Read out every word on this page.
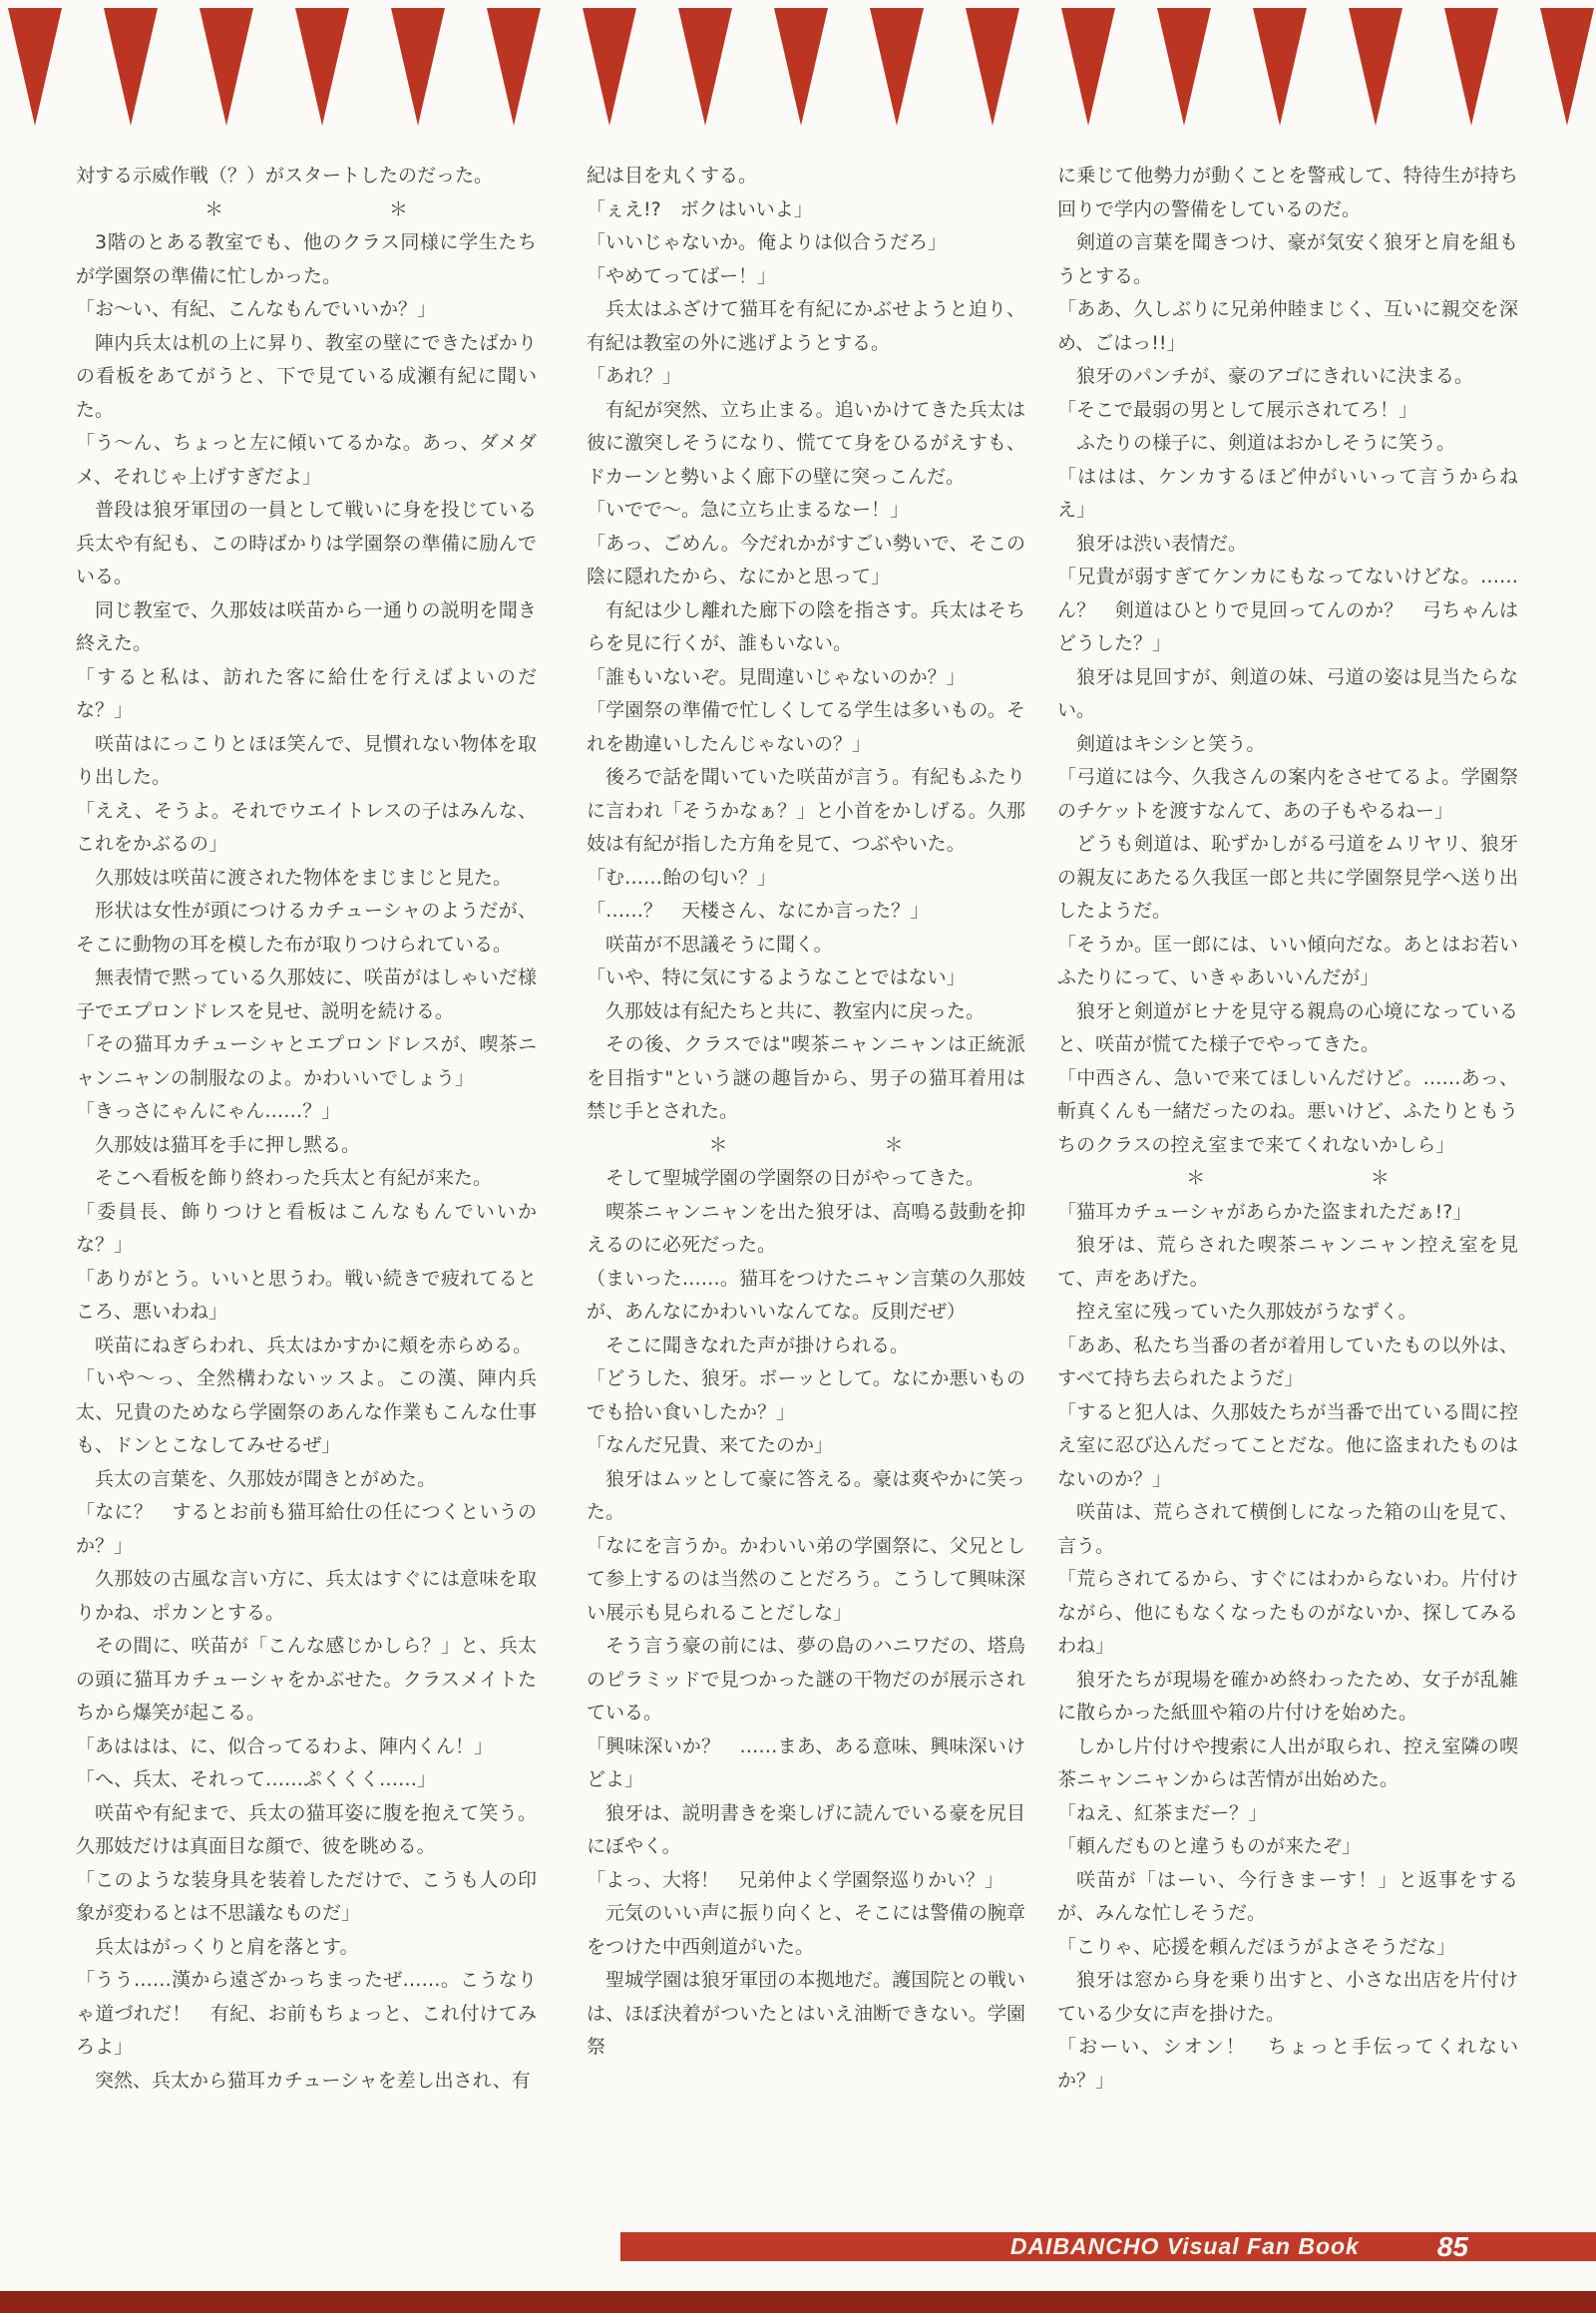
対する示威作戦（？）がスタートしたのだった。

＊	＊

3階のとある教室でも、他のクラス同様に学生たちが学園祭の準備に忙しかった。

「お〜い、有紀、こんなもんでいいか？」

陣内兵太は机の上に昇り、教室の壁にできたばかりの看板をあてがうと、下で見ている成瀬有紀に聞いた。

「う〜ん、ちょっと左に傾いてるかな。あっ、ダメダメ、それじゃ上げすぎだよ」

普段は狼牙軍団の一員として戦いに身を投じている兵太や有紀も、この時ばかりは学園祭の準備に励んでいる。

同じ教室で、久那妓は咲苗から一通りの説明を聞き終えた。

「すると私は、訪れた客に給仕を行えばよいのだな？」

咲苗はにっこりとほほ笑んで、見慣れない物体を取り出した。

「ええ、そうよ。それでウエイトレスの子はみんな、これをかぶるの」

久那妓は咲苗に渡された物体をまじまじと見た。

形状は女性が頭につけるカチューシャのようだが、そこに動物の耳を模した布が取りつけられている。

無表情で黙っている久那妓に、咲苗がはしゃいだ様子でエプロンドレスを見せ、説明を続ける。

「その猫耳カチューシャとエプロンドレスが、喫茶ニャンニャンの制服なのよ。かわいいでしょう」

「きっさにゃんにゃん……？」

久那妓は猫耳を手に押し黙る。

そこへ看板を飾り終わった兵太と有紀が来た。

「委員長、飾りつけと看板はこんなもんでいいかな？」

「ありがとう。いいと思うわ。戦い続きで疲れてるところ、悪いわね」

咲苗にねぎらわれ、兵太はかすかに頬を赤らめる。

「いや〜っ、全然構わないッスよ。この漢、陣内兵太、兄貴のためなら学園祭のあんな作業もこんな仕事も、ドンとこなしてみせるぜ」

兵太の言葉を、久那妓が聞きとがめた。

「なに？　するとお前も猫耳給仕の任につくというのか？」

久那妓の古風な言い方に、兵太はすぐには意味を取りかね、ポカンとする。

その間に、咲苗が「こんな感じかしら？」と、兵太の頭に猫耳カチューシャをかぶせた。クラスメイトたちから爆笑が起こる。

「あははは、に、似合ってるわよ、陣内くん！」

「へ、兵太、それって……ぷくくく……」

咲苗や有紀まで、兵太の猫耳姿に腹を抱えて笑う。久那妓だけは真面目な顔で、彼を眺める。

「このような装身具を装着しただけで、こうも人の印象が変わるとは不思議なものだ」

兵太はがっくりと肩を落とす。

「うう……漢から遠ざかっちまったぜ……。こうなりゃ道づれだ！　有紀、お前もちょっと、これ付けてみろよ」

突然、兵太から猫耳カチューシャを差し出され、有

紀は目を丸くする。

「ぇえ!?　ボクはいいよ」

「いいじゃないか。俺よりは似合うだろ」

「やめてってばー！」

兵太はふざけて猫耳を有紀にかぶせようと迫り、有紀は教室の外に逃げようとする。

「あれ？」

有紀が突然、立ち止まる。追いかけてきた兵太は彼に激突しそうになり、慌てて身をひるがえすも、ドカーンと勢いよく廊下の壁に突っこんだ。

「いでで〜。急に立ち止まるなー！」

「あっ、ごめん。今だれかがすごい勢いで、そこの陰に隠れたから、なにかと思って」

有紀は少し離れた廊下の陰を指さす。兵太はそちらを見に行くが、誰もいない。

「誰もいないぞ。見間違いじゃないのか？」

「学園祭の準備で忙しくしてる学生は多いもの。それを勘違いしたんじゃないの？」

後ろで話を聞いていた咲苗が言う。有紀もふたりに言われ「そうかなぁ？」と小首をかしげる。久那妓は有紀が指した方角を見て、つぶやいた。

「む……飴の匂い？」

「……？　天楼さん、なにか言った？」

咲苗が不思議そうに聞く。

「いや、特に気にするようなことではない」

久那妓は有紀たちと共に、教室内に戻った。

その後、クラスでは"喫茶ニャンニャンは正統派を目指す"という謎の趣旨から、男子の猫耳着用は禁じ手とされた。

＊	＊

そして聖城学園の学園祭の日がやってきた。

喫茶ニャンニャンを出た狼牙は、高鳴る鼓動を抑えるのに必死だった。

（まいった……。猫耳をつけたニャン言葉の久那妓が、あんなにかわいいなんてな。反則だぜ）

そこに聞きなれた声が掛けられる。

「どうした、狼牙。ボーッとして。なにか悪いものでも拾い食いしたか？」

「なんだ兄貴、来てたのか」

狼牙はムッとして豪に答える。豪は爽やかに笑った。

「なにを言うか。かわいい弟の学園祭に、父兄として参上するのは当然のことだろう。こうして興味深い展示も見られることだしな」

そう言う豪の前には、夢の島のハニワだの、塔鳥のピラミッドで見つかった謎の干物だのが展示されている。

「興味深いか？　……まあ、ある意味、興味深いけどよ」

狼牙は、説明書きを楽しげに読んでいる豪を尻目にぼやく。

「よっ、大将！　兄弟仲よく学園祭巡りかい？」

元気のいい声に振り向くと、そこには警備の腕章をつけた中西剣道がいた。

聖城学園は狼牙軍団の本拠地だ。護国院との戦いは、ほぼ決着がついたとはいえ油断できない。学園祭

に乗じて他勢力が動くことを警戒して、特待生が持ち回りで学内の警備をしているのだ。

剣道の言葉を聞きつけ、豪が気安く狼牙と肩を組もうとする。

「ああ、久しぶりに兄弟仲睦まじく、互いに親交を深め、ごはっ!!」

狼牙のパンチが、豪のアゴにきれいに決まる。

「そこで最弱の男として展示されてろ！」

ふたりの様子に、剣道はおかしそうに笑う。

「ははは、ケンカするほど仲がいいって言うからねえ」

狼牙は渋い表情だ。

「兄貴が弱すぎてケンカにもなってないけどな。……ん？　剣道はひとりで見回ってんのか？　弓ちゃんはどうした？」

狼牙は見回すが、剣道の妹、弓道の姿は見当たらない。

剣道はキシシと笑う。

「弓道には今、久我さんの案内をさせてるよ。学園祭のチケットを渡すなんて、あの子もやるねー」

どうも剣道は、恥ずかしがる弓道をムリヤリ、狼牙の親友にあたる久我匡一郎と共に学園祭見学へ送り出したようだ。

「そうか。匡一郎には、いい傾向だな。あとはお若いふたりにって、いきゃあいいんだが」

狼牙と剣道がヒナを見守る親鳥の心境になっていると、咲苗が慌てた様子でやってきた。

「中西さん、急いで来てほしいんだけど。……あっ、斬真くんも一緒だったのね。悪いけど、ふたりともうちのクラスの控え室まで来てくれないかしら」

＊	＊

「猫耳カチューシャがあらかた盗まれただぁ!?」

狼牙は、荒らされた喫茶ニャンニャン控え室を見て、声をあげた。

控え室に残っていた久那妓がうなずく。

「ああ、私たち当番の者が着用していたもの以外は、すべて持ち去られたようだ」

「すると犯人は、久那妓たちが当番で出ている間に控え室に忍び込んだってことだな。他に盗まれたものはないのか？」

咲苗は、荒らされて横倒しになった箱の山を見て、言う。

「荒らされてるから、すぐにはわからないわ。片付けながら、他にもなくなったものがないか、探してみるわね」

狼牙たちが現場を確かめ終わったため、女子が乱雑に散らかった紙皿や箱の片付けを始めた。

しかし片付けや捜索に人出が取られ、控え室隣の喫茶ニャンニャンからは苦情が出始めた。

「ねえ、紅茶まだー？」

「頼んだものと違うものが来たぞ」

咲苗が「はーい、今行きまーす！」と返事をするが、みんな忙しそうだ。

「こりゃ、応援を頼んだほうがよさそうだな」

狼牙は窓から身を乗り出すと、小さな出店を片付けている少女に声を掛けた。

「おーい、シオン！　ちょっと手伝ってくれないか？」

DAIBANCHO Visual Fan Book	85
